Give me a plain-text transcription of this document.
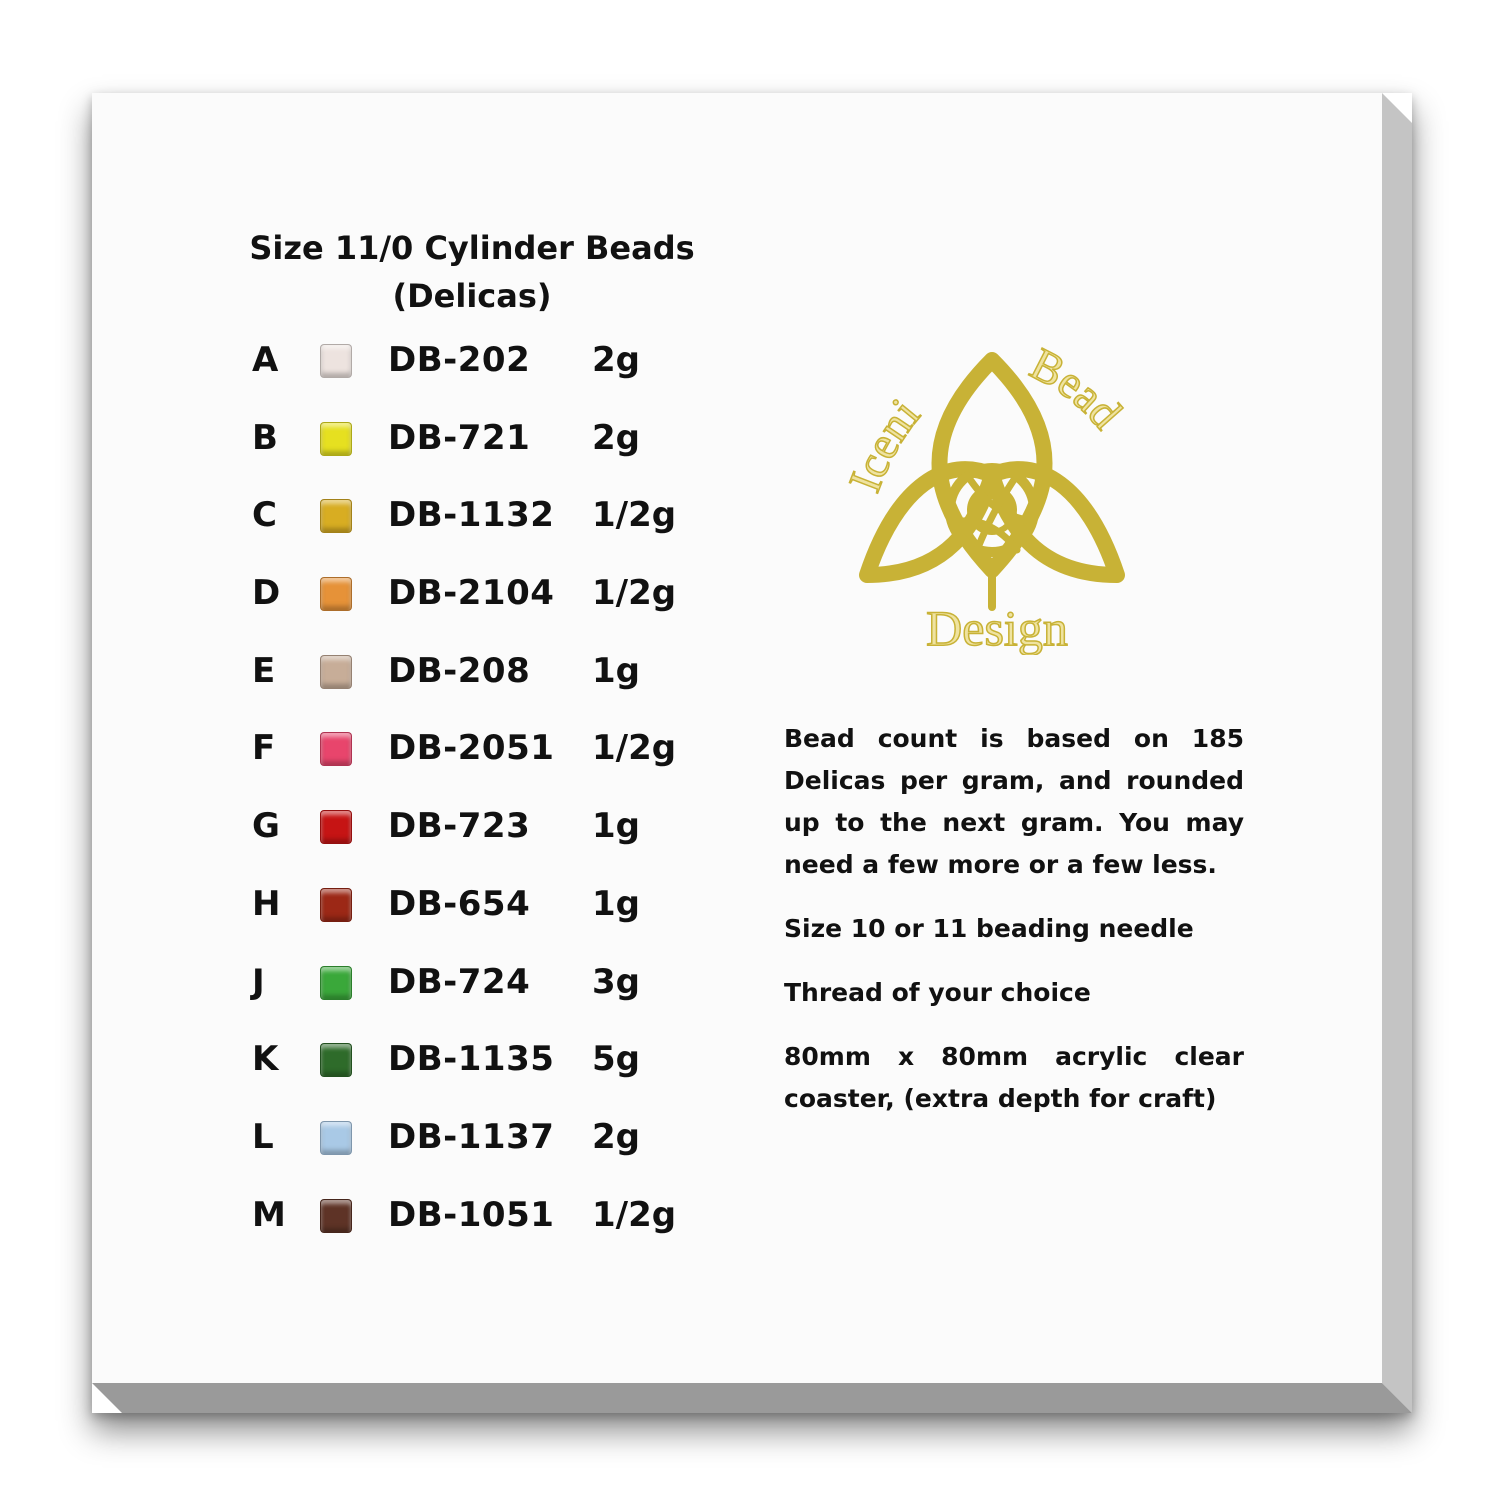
Size 11/0 Cylinder Beads
(Delicas)
A	DB-202 2g
B	DB-721 2g
C	DB-1132 1/2g
D	DB-2104 1/2g
E	DB-208 1g
F	DB-2051 1/2g
G	DB-723 1g
H	DB-654 1g
J	DB-724 3g
K	DB-1135 5g
L	DB-1137 2g
M	DB-1051 1/2g
Iceni
Bead
Design

Bead count is based on 185 Delicas per gram, and rounded up to the next gram. You may need a few more or a few less.

Size 10 or 11 beading needle

Thread of your choice

80mm x 80mm acrylic clear coaster, (extra depth for craft)
